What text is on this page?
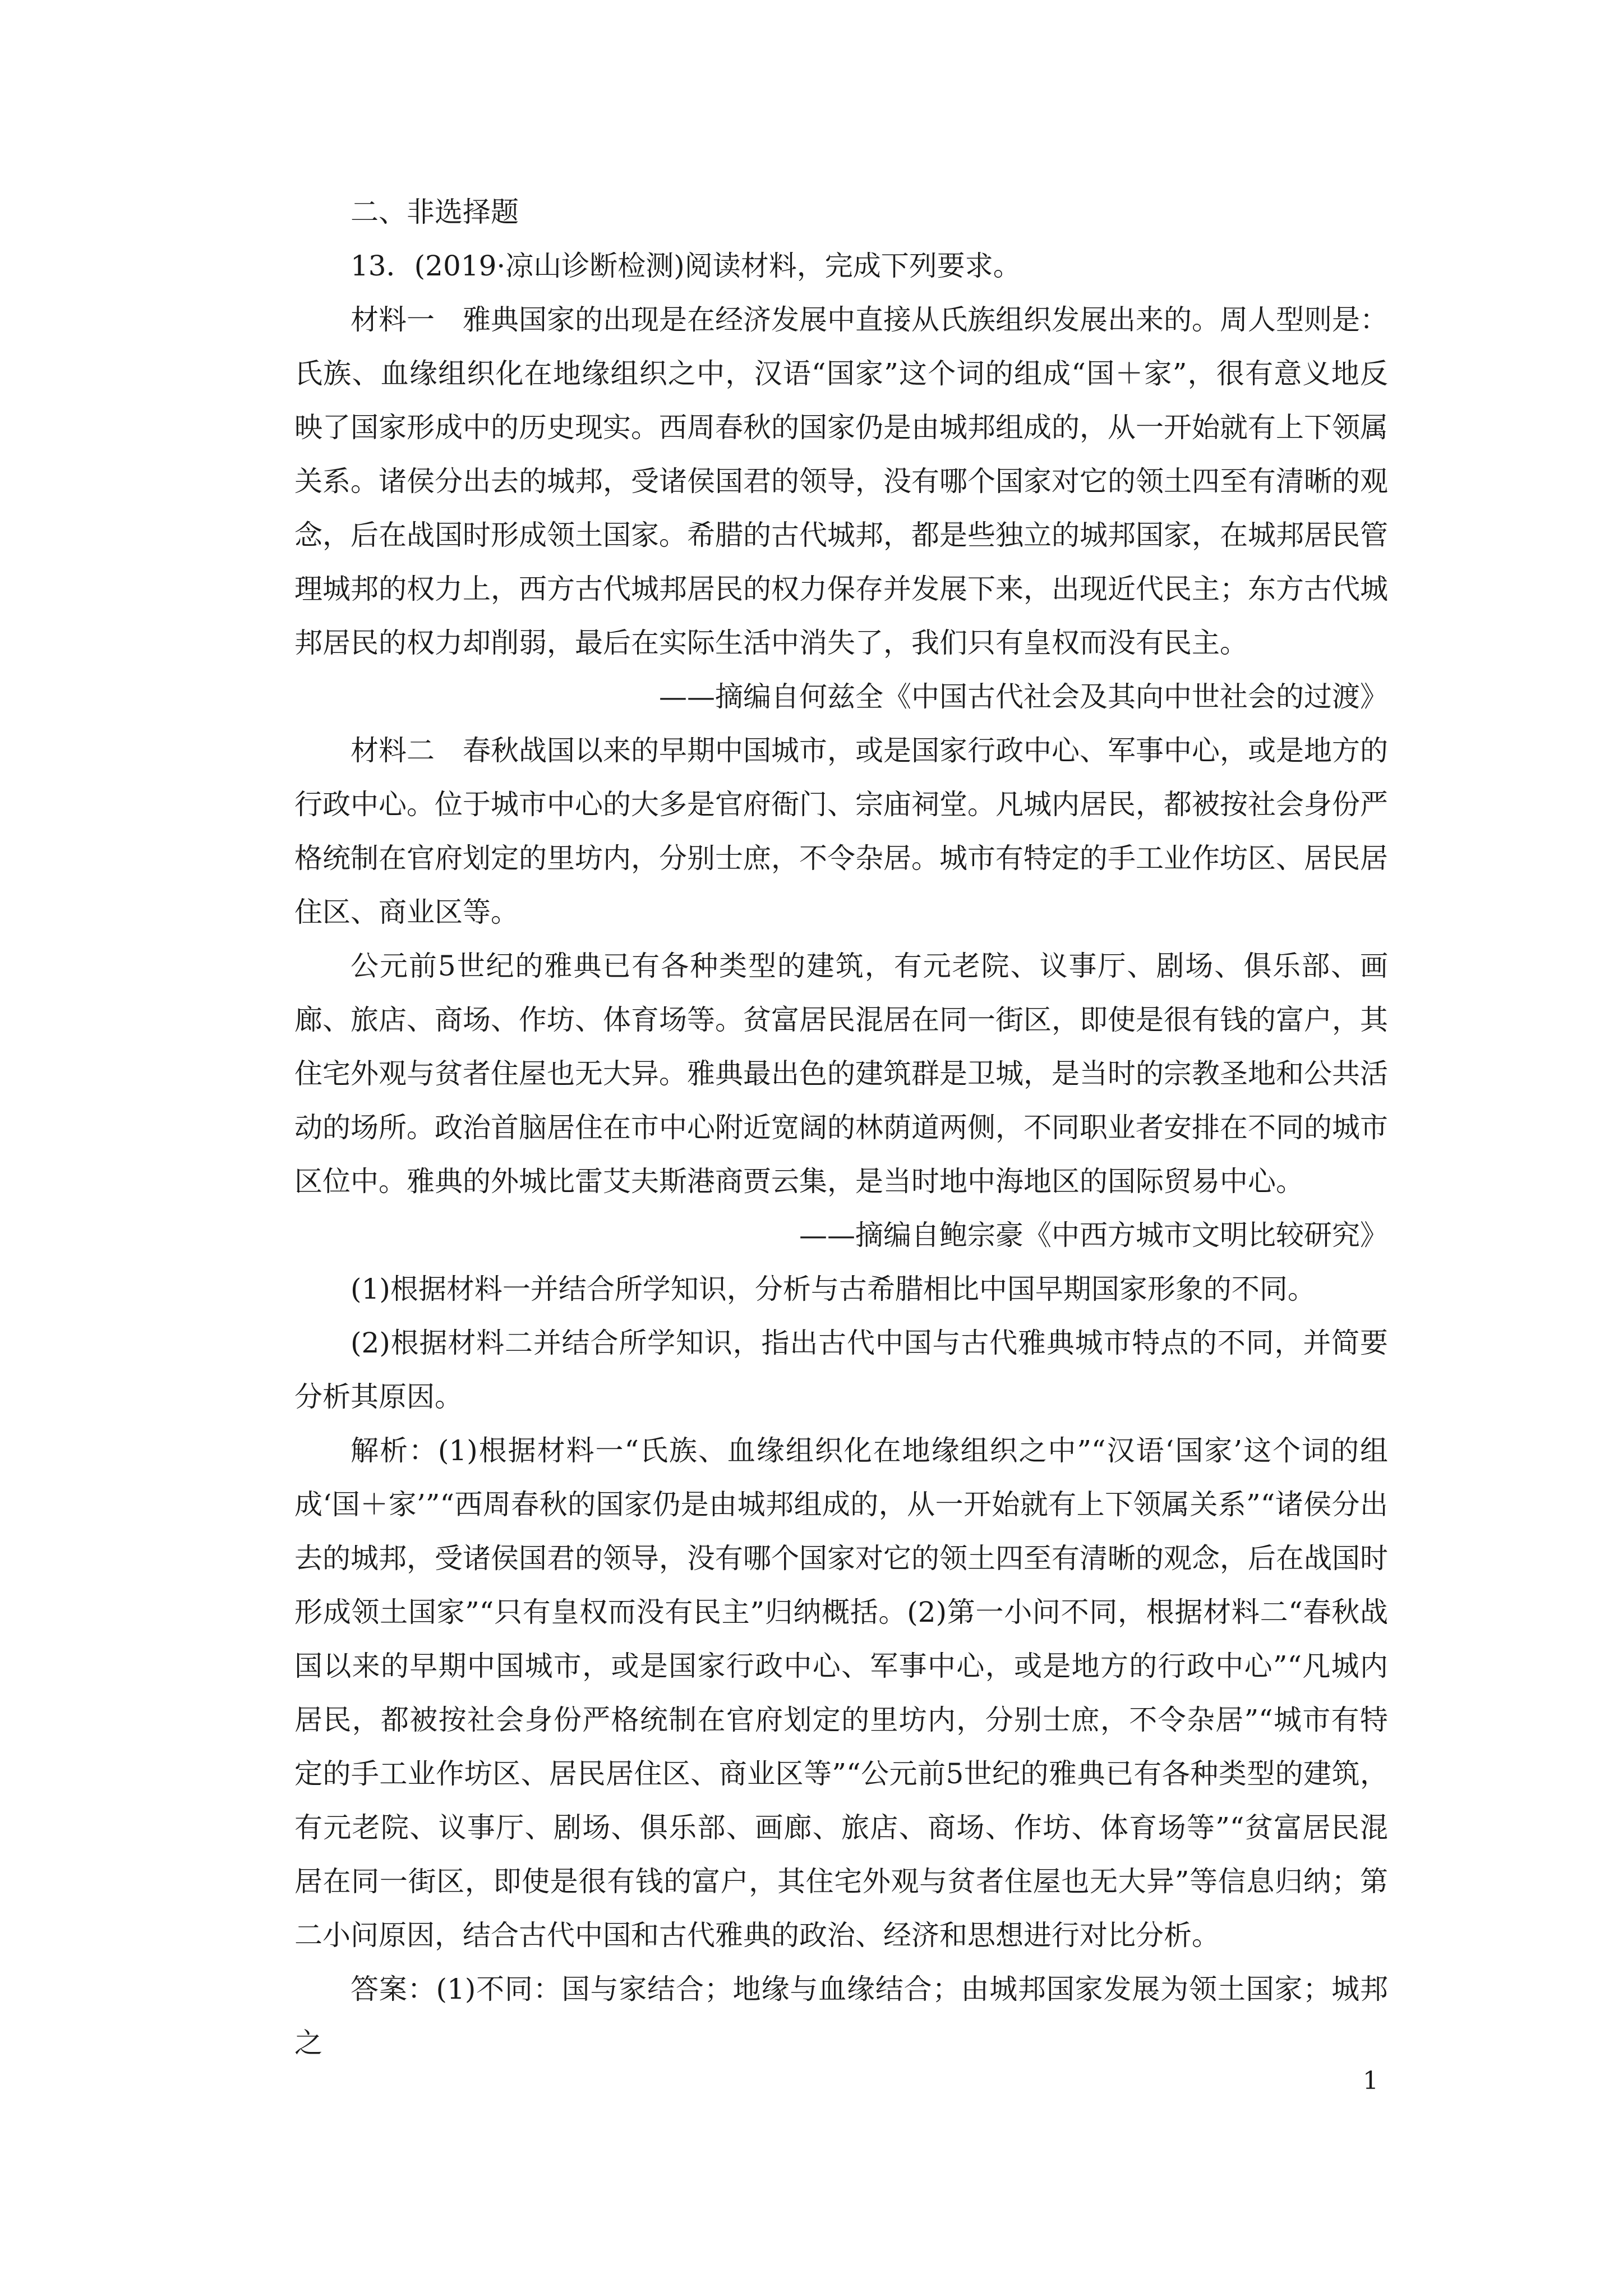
二、非选择题

13．(2019·凉山诊断检测)阅读材料，完成下列要求。

材料一　雅典国家的出现是在经济发展中直接从氏族组织发展出来的。周人型则是：氏族、血缘组织化在地缘组织之中，汉语“国家”这个词的组成“国＋家”，很有意义地反映了国家形成中的历史现实。西周春秋的国家仍是由城邦组成的，从一开始就有上下领属关系。诸侯分出去的城邦，受诸侯国君的领导，没有哪个国家对它的领土四至有清晰的观念，后在战国时形成领土国家。希腊的古代城邦，都是些独立的城邦国家，在城邦居民管理城邦的权力上，西方古代城邦居民的权力保存并发展下来，出现近代民主；东方古代城邦居民的权力却削弱，最后在实际生活中消失了，我们只有皇权而没有民主。

——摘编自何兹全《中国古代社会及其向中世社会的过渡》

材料二　春秋战国以来的早期中国城市，或是国家行政中心、军事中心，或是地方的行政中心。位于城市中心的大多是官府衙门、宗庙祠堂。凡城内居民，都被按社会身份严格统制在官府划定的里坊内，分别士庶，不令杂居。城市有特定的手工业作坊区、居民居住区、商业区等。

公元前5世纪的雅典已有各种类型的建筑，有元老院、议事厅、剧场、俱乐部、画廊、旅店、商场、作坊、体育场等。贫富居民混居在同一街区，即使是很有钱的富户，其住宅外观与贫者住屋也无大异。雅典最出色的建筑群是卫城，是当时的宗教圣地和公共活动的场所。政治首脑居住在市中心附近宽阔的林荫道两侧，不同职业者安排在不同的城市区位中。雅典的外城比雷艾夫斯港商贾云集，是当时地中海地区的国际贸易中心。

——摘编自鲍宗豪《中西方城市文明比较研究》

(1)根据材料一并结合所学知识，分析与古希腊相比中国早期国家形象的不同。

(2)根据材料二并结合所学知识，指出古代中国与古代雅典城市特点的不同，并简要分析其原因。

解析：(1)根据材料一“氏族、血缘组织化在地缘组织之中”“汉语‘国家’这个词的组成‘国＋家’”“西周春秋的国家仍是由城邦组成的，从一开始就有上下领属关系”“诸侯分出去的城邦，受诸侯国君的领导，没有哪个国家对它的领土四至有清晰的观念，后在战国时形成领土国家”“只有皇权而没有民主”归纳概括。(2)第一小问不同，根据材料二“春秋战国以来的早期中国城市，或是国家行政中心、军事中心，或是地方的行政中心”“凡城内居民，都被按社会身份严格统制在官府划定的里坊内，分别士庶，不令杂居”“城市有特定的手工业作坊区、居民居住区、商业区等”“公元前5世纪的雅典已有各种类型的建筑，有元老院、议事厅、剧场、俱乐部、画廊、旅店、商场、作坊、体育场等”“贫富居民混居在同一街区，即使是很有钱的富户，其住宅外观与贫者住屋也无大异”等信息归纳；第二小问原因，结合古代中国和古代雅典的政治、经济和思想进行对比分析。

答案：(1)不同：国与家结合；地缘与血缘结合；由城邦国家发展为领土国家；城邦之

1
